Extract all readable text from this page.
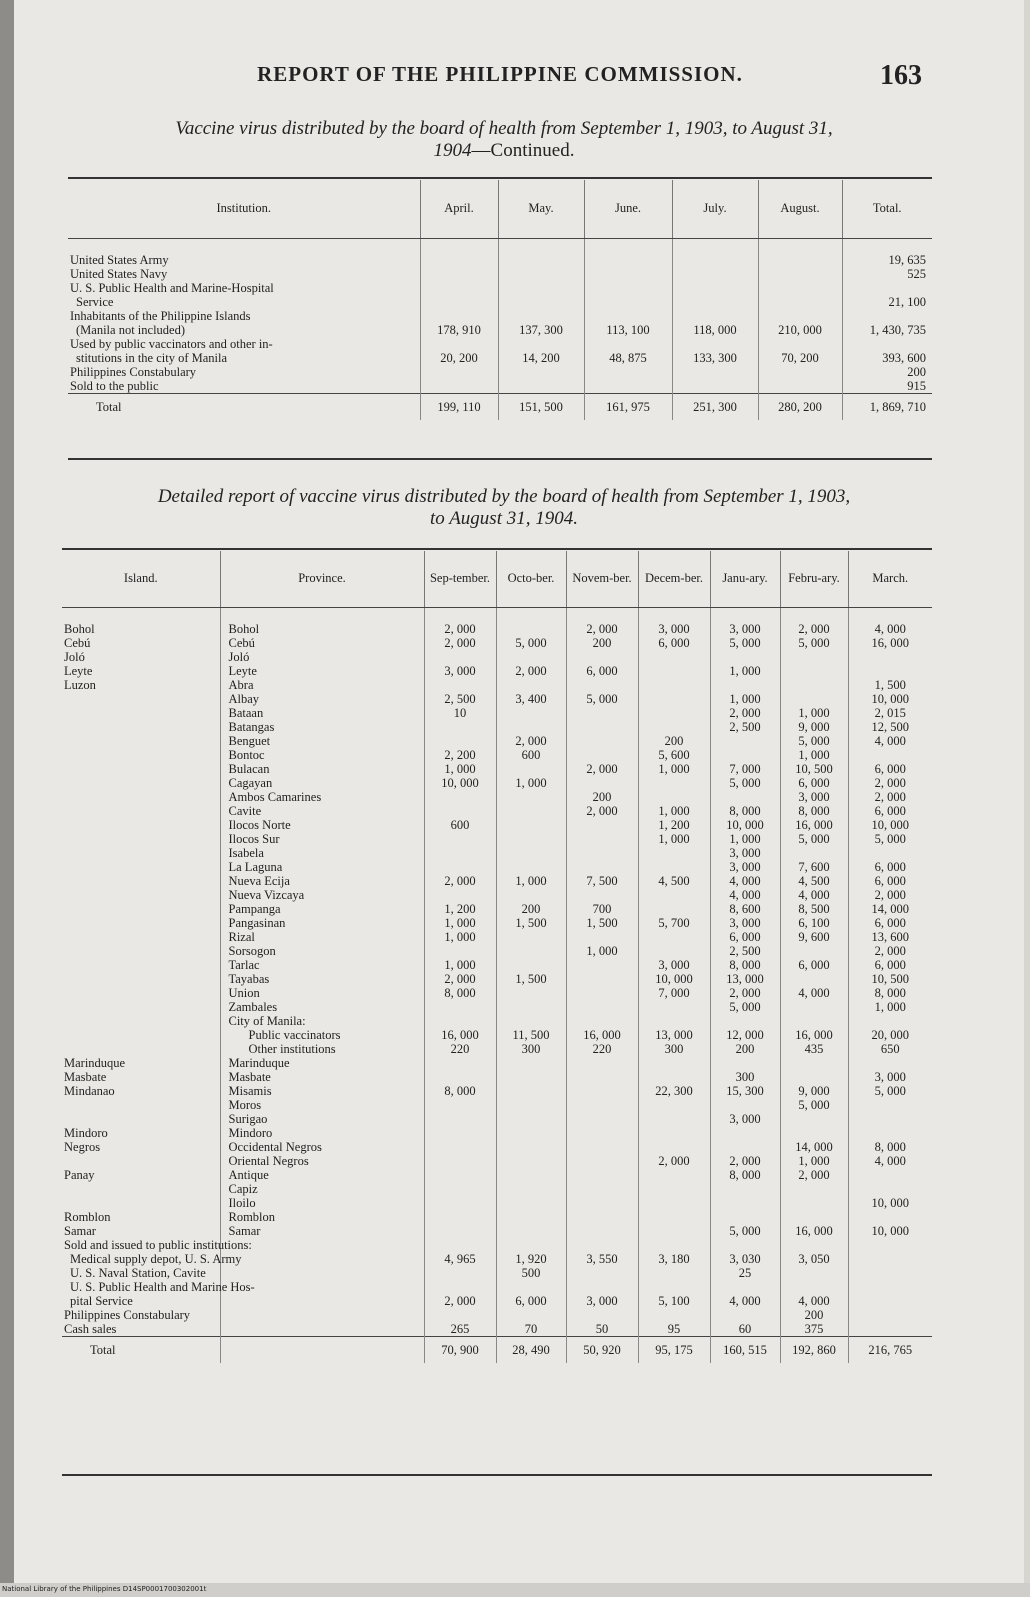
REPORT OF THE PHILIPPINE COMMISSION.	163
Vaccine virus distributed by the board of health from September 1, 1903, to August 31,
1904—Continued.
Institution.	April.	May.	June.	July.	August.	Total.

United States Army						19, 635
United States Navy						525
U. S. Public Health and Marine-Hospital						
Service						21, 100
Inhabitants of the Philippine Islands						
(Manila not included)	178, 910	137, 300	113, 100	118, 000	210, 000	1, 430, 735
Used by public vaccinators and other in-						
stitutions in the city of Manila	20, 200	14, 200	48, 875	133, 300	70, 200	393, 600
Philippines Constabulary						200
Sold to the public						915
Total	199, 110	151, 500	161, 975	251, 300	280, 200	1, 869, 710
Detailed report of vaccine virus distributed by the board of health from September 1, 1903,
to August 31, 1904.
Island.	Province.	Sep-tember.	Octo-ber.	Novem-ber.	Decem-ber.	Janu-ary.	Febru-ary.	March.

Bohol	Bohol	2, 000		2, 000	3, 000	3, 000	2, 000	4, 000
Cebú	Cebú	2, 000	5, 000	200	6, 000	5, 000	5, 000	16, 000
Joló	Joló							
Leyte	Leyte	3, 000	2, 000	6, 000		1, 000		
Luzon	Abra							1, 500
	Albay	2, 500	3, 400	5, 000		1, 000		10, 000
	Bataan	10				2, 000	1, 000	2, 015
	Batangas					2, 500	9, 000	12, 500
	Benguet		2, 000		200		5, 000	4, 000
	Bontoc	2, 200	600		5, 600		1, 000	
	Bulacan	1, 000		2, 000	1, 000	7, 000	10, 500	6, 000
	Cagayan	10, 000	1, 000			5, 000	6, 000	2, 000
	Ambos Camarines			200			3, 000	2, 000
	Cavite			2, 000	1, 000	8, 000	8, 000	6, 000
	Ilocos Norte	600			1, 200	10, 000	16, 000	10, 000
	Ilocos Sur				1, 000	1, 000	5, 000	5, 000
	Isabela					3, 000		
	La Laguna					3, 000	7, 600	6, 000
	Nueva Ecija	2, 000	1, 000	7, 500	4, 500	4, 000	4, 500	6, 000
	Nueva Vizcaya					4, 000	4, 000	2, 000
	Pampanga	1, 200	200	700		8, 600	8, 500	14, 000
	Pangasinan	1, 000	1, 500	1, 500	5, 700	3, 000	6, 100	6, 000
	Rizal	1, 000				6, 000	9, 600	13, 600
	Sorsogon			1, 000		2, 500		2, 000
	Tarlac	1, 000			3, 000	8, 000	6, 000	6, 000
	Tayabas	2, 000	1, 500		10, 000	13, 000		10, 500
	Union	8, 000			7, 000	2, 000	4, 000	8, 000
	Zambales					5, 000		1, 000
	City of Manila:							
	Public vaccinators	16, 000	11, 500	16, 000	13, 000	12, 000	16, 000	20, 000
	Other institutions	220	300	220	300	200	435	650
Marinduque	Marinduque							
Masbate	Masbate					300		3, 000
Mindanao	Misamis	8, 000			22, 300	15, 300	9, 000	5, 000
	Moros						5, 000	
	Surigao					3, 000		
Mindoro	Mindoro							
Negros	Occidental Negros						14, 000	8, 000
	Oriental Negros				2, 000	2, 000	1, 000	4, 000
Panay	Antique					8, 000	2, 000	
	Capiz							
	Iloilo							10, 000
Romblon	Romblon							
Samar	Samar					5, 000	16, 000	10, 000
Sold and issued to public institutions:								
Medical supply depot, U. S. Army		4, 965	1, 920	3, 550	3, 180	3, 030	3, 050	
U. S. Naval Station, Cavite			500			25		
U. S. Public Health and Marine Hos-								
pital Service		2, 000	6, 000	3, 000	5, 100	4, 000	4, 000	
Philippines Constabulary							200	
Cash sales		265	70	50	95	60	375	
Total		70, 900	28, 490	50, 920	95, 175	160, 515	192, 860	216, 765
National Library of the Philippines D14SP0001700302001t
